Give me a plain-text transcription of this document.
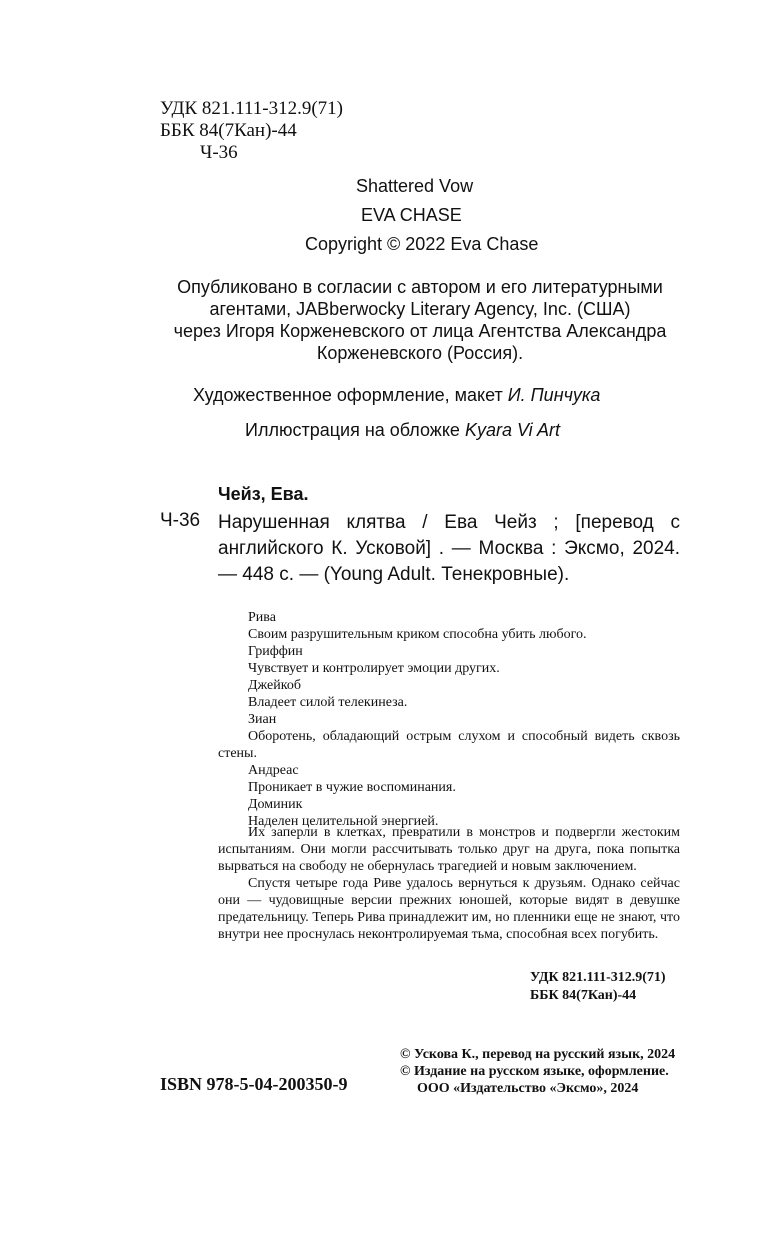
УДК 821.111-312.9(71)
ББК 84(7Кан)-44
Ч-36
Shattered Vow
EVA CHASE
Copyright © 2022 Eva Chase
Опубликовано в согласии с автором и его литературными
агентами, JABberwocky Literary Agency, Inc. (США)
через Игоря Корженевского от лица Агентства Александра
Корженевского (Россия).
Художественное оформление, макет И. Пинчука
Иллюстрация на обложке Kyara Vi Art
Чейз, Ева.
Ч-36 Нарушенная клятва / Ева Чейз ; [перевод с английского К. Усковой] . — Москва : Эксмо, 2024. — 448 с. — (Young Adult. Тенекровные).
Рива
Своим разрушительным криком способна убить любого.
Гриффин
Чувствует и контролирует эмоции других.
Джейкоб
Владеет силой телекинеза.
Зиан
Оборотень, обладающий острым слухом и способный видеть сквозь стены.
Андреас
Проникает в чужие воспоминания.
Доминик
Наделен целительной энергией.

Их заперли в клетках, превратили в монстров и подвергли жестоким испытаниям. Они могли рассчитывать только друг на друга, пока попытка вырваться на свободу не обернулась трагедией и новым заключением.

Спустя четыре года Риве удалось вернуться к друзьям. Однако сейчас они — чудовищные версии прежних юношей, которые видят в девушке предательницу. Теперь Рива принадлежит им, но пленники еще не знают, что внутри нее проснулась неконтролируемая тьма, способная всех погубить.

УДК 821.111-312.9(71)
ББК 84(7Кан)-44
© Ускова К., перевод на русский язык, 2024
© Издание на русском языке, оформление.
ООО «Издательство «Эксмо», 2024
ISBN 978-5-04-200350-9
